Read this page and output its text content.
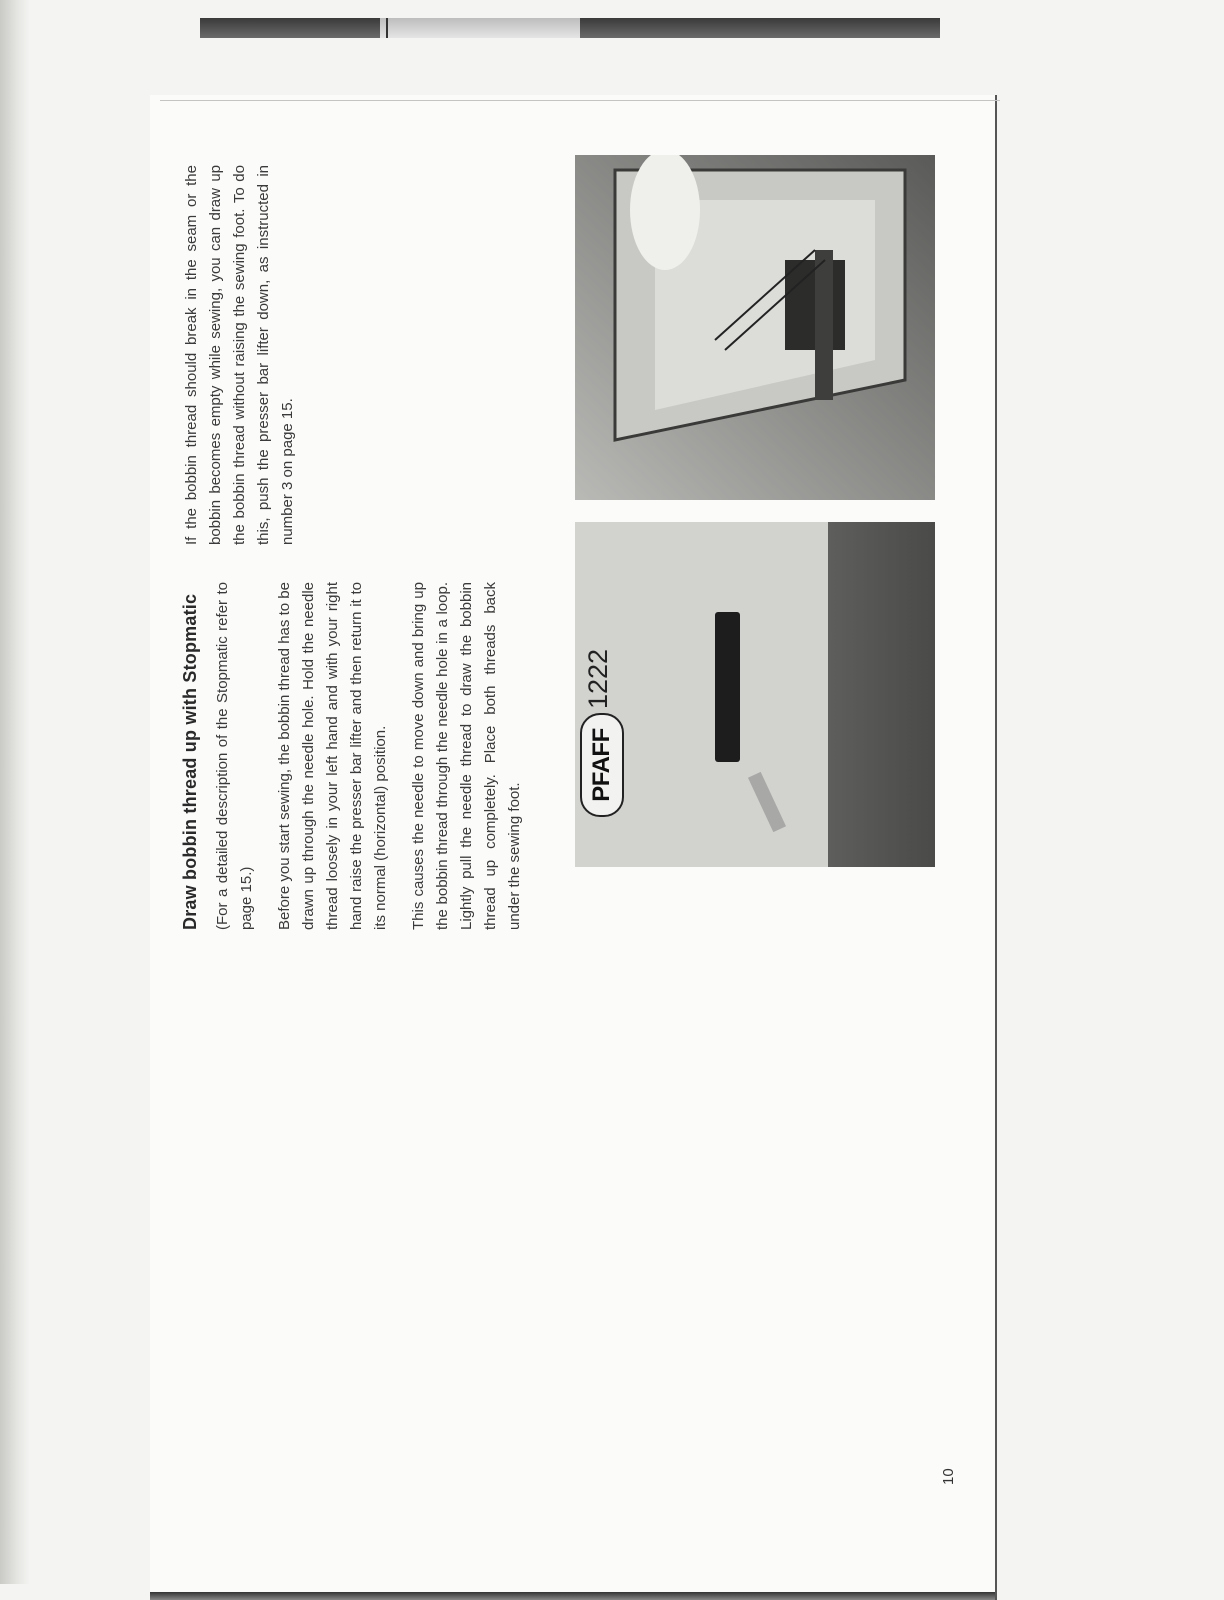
Draw bobbin thread up with Stopmatic (For a detailed description of the Stopmatic refer to page 15.) Before you start sewing, the bobbin thread has to be drawn up through the needle hole. Hold the needle thread loosely in your left hand and with your right hand raise the presser bar lifter and then return it to its normal (horizontal) position. This causes the needle to move down and bring up the bobbin thread through the needle hole in a loop. Lightly pull the needle thread to draw the bobbin thread up completely. Place both threads back under the sewing foot.

If the bobbin thread should break in the seam or the bobbin becomes empty while sewing, you can draw up the bobbin thread without raising the sewing foot. To do this, push the presser bar lifter down, as instructed in number 3 on page 15.

PFAFF
1222
10
